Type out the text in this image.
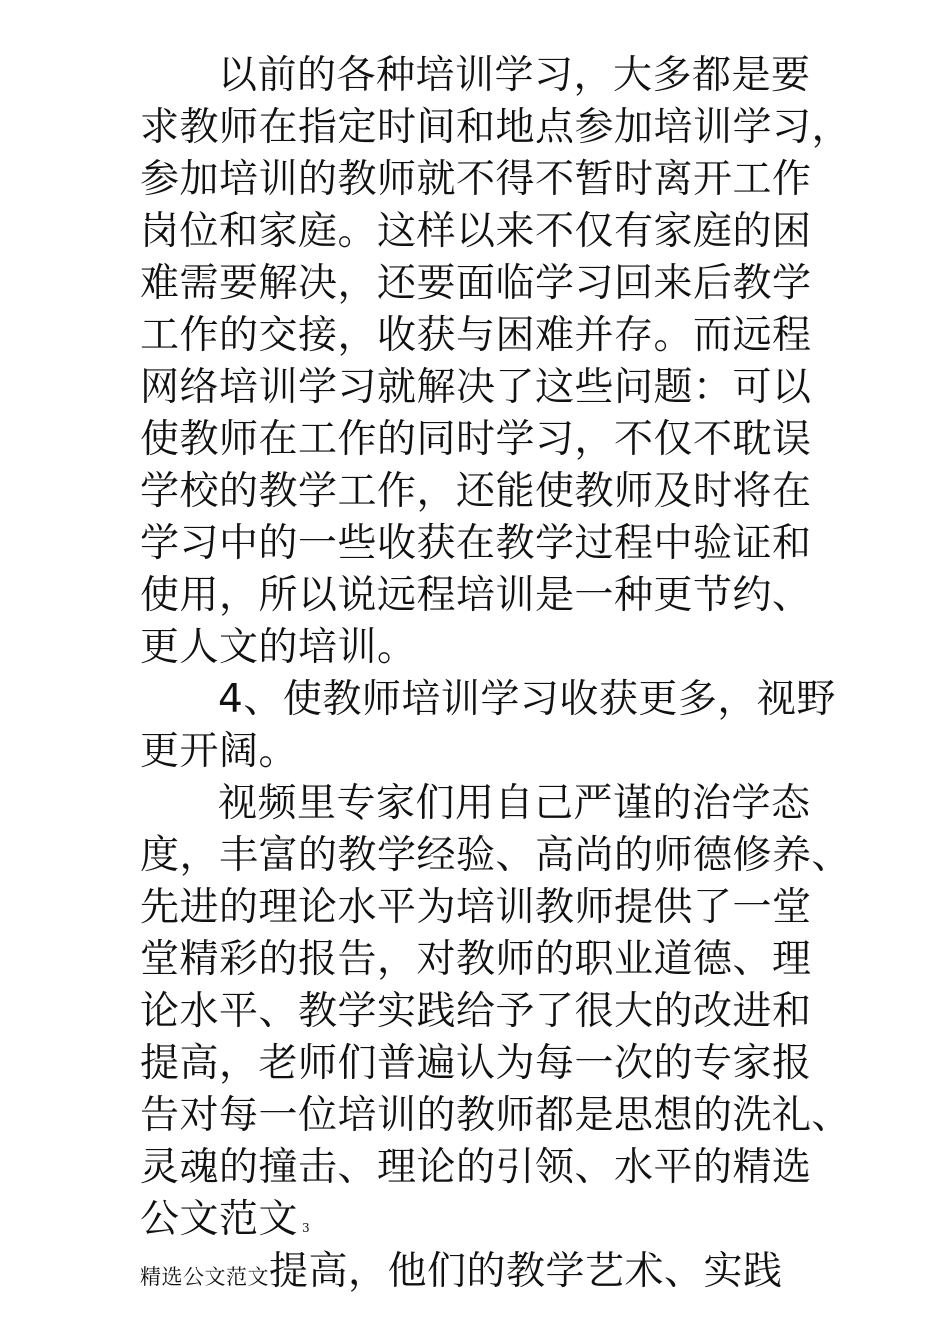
以前的各种培训学习，大多都是要
求教师在指定时间和地点参加培训学习，
参加培训的教师就不得不暂时离开工作
岗位和家庭。这样以来不仅有家庭的困
难需要解决，还要面临学习回来后教学
工作的交接，收获与困难并存。而远程
网络培训学习就解决了这些问题：可以
使教师在工作的同时学习，不仅不耽误
学校的教学工作，还能使教师及时将在
学习中的一些收获在教学过程中验证和
使用，所以说远程培训是一种更节约、
更人文的培训。
4、使教师培训学习收获更多，视野
更开阔。
视频里专家们用自己严谨的治学态
度，丰富的教学经验、高尚的师德修养、
先进的理论水平为培训教师提供了一堂
堂精彩的报告，对教师的职业道德、理
论水平、教学实践给予了很大的改进和
提高，老师们普遍认为每一次的专家报
告对每一位培训的教师都是思想的洗礼、
灵魂的撞击、理论的引领、水平的精选
公文范文 3
精选公文范文提高，他们的教学艺术、实践
